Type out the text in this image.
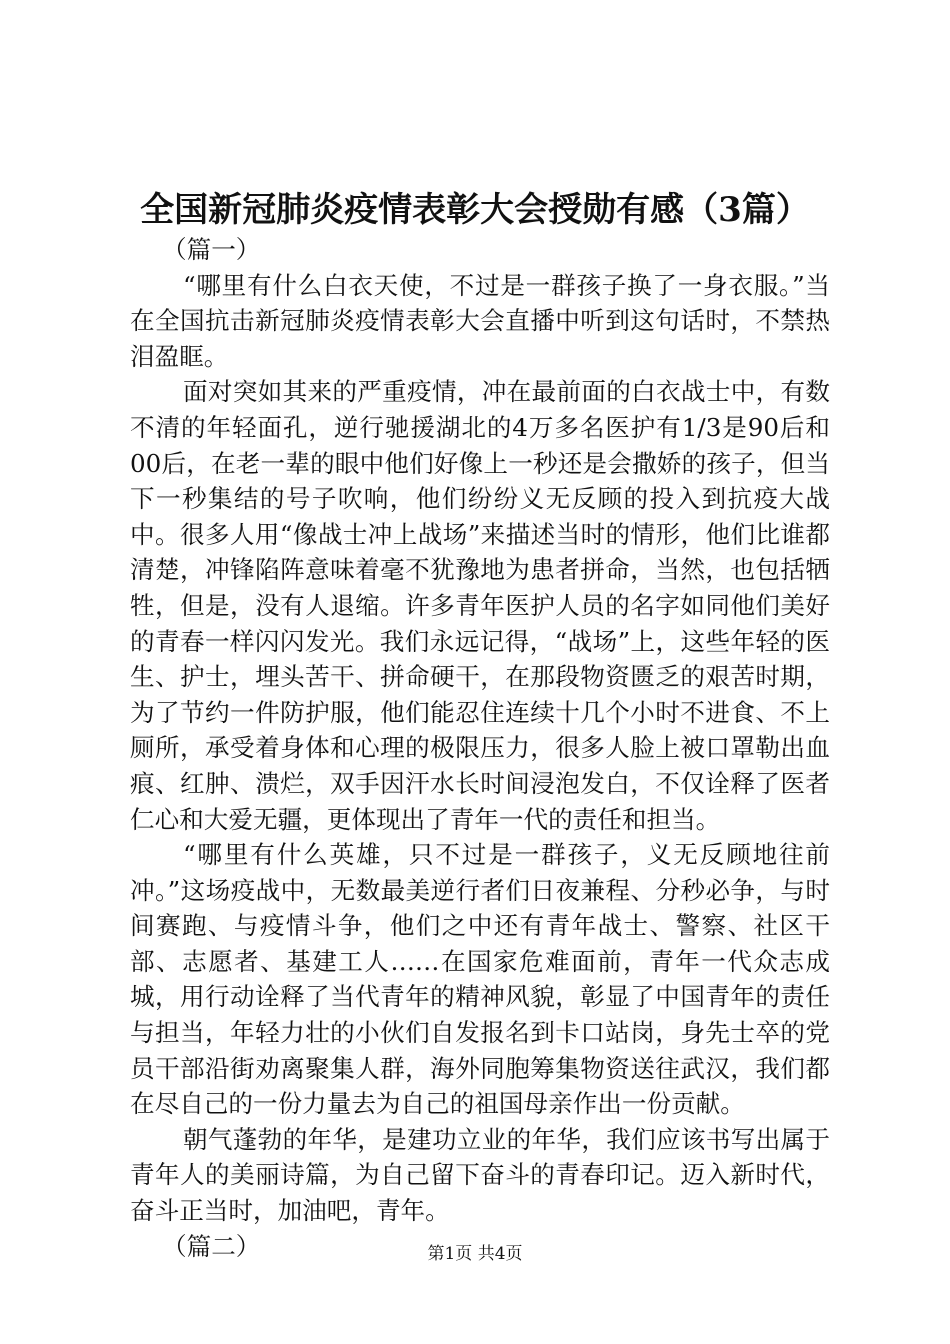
全国新冠肺炎疫情表彰大会授勋有感（3篇）

（篇一）

“哪里有什么白衣天使，不过是一群孩子换了一身衣服。”当在全国抗击新冠肺炎疫情表彰大会直播中听到这句话时，不禁热泪盈眶。

面对突如其来的严重疫情，冲在最前面的白衣战士中，有数不清的年轻面孔，逆行驰援湖北的4万多名医护有1/3是90后和00后，在老一辈的眼中他们好像上一秒还是会撒娇的孩子，但当下一秒集结的号子吹响，他们纷纷义无反顾的投入到抗疫大战中。很多人用“像战士冲上战场”来描述当时的情形，他们比谁都清楚，冲锋陷阵意味着毫不犹豫地为患者拼命，当然，也包括牺牲，但是，没有人退缩。许多青年医护人员的名字如同他们美好的青春一样闪闪发光。我们永远记得，“战场”上，这些年轻的医生、护士，埋头苦干、拼命硬干，在那段物资匮乏的艰苦时期，为了节约一件防护服，他们能忍住连续十几个小时不进食、不上厕所，承受着身体和心理的极限压力，很多人脸上被口罩勒出血痕、红肿、溃烂，双手因汗水长时间浸泡发白，不仅诠释了医者仁心和大爱无疆，更体现出了青年一代的责任和担当。

“哪里有什么英雄，只不过是一群孩子，义无反顾地往前冲。”这场疫战中，无数最美逆行者们日夜兼程、分秒必争，与时间赛跑、与疫情斗争，他们之中还有青年战士、警察、社区干部、志愿者、基建工人……在国家危难面前，青年一代众志成城，用行动诠释了当代青年的精神风貌，彰显了中国青年的责任与担当，年轻力壮的小伙们自发报名到卡口站岗，身先士卒的党员干部沿街劝离聚集人群，海外同胞筹集物资送往武汉，我们都在尽自己的一份力量去为自己的祖国母亲作出一份贡献。

朝气蓬勃的年华，是建功立业的年华，我们应该书写出属于青年人的美丽诗篇，为自己留下奋斗的青春印记。迈入新时代，奋斗正当时，加油吧，青年。

（篇二）	第1页 共4页
